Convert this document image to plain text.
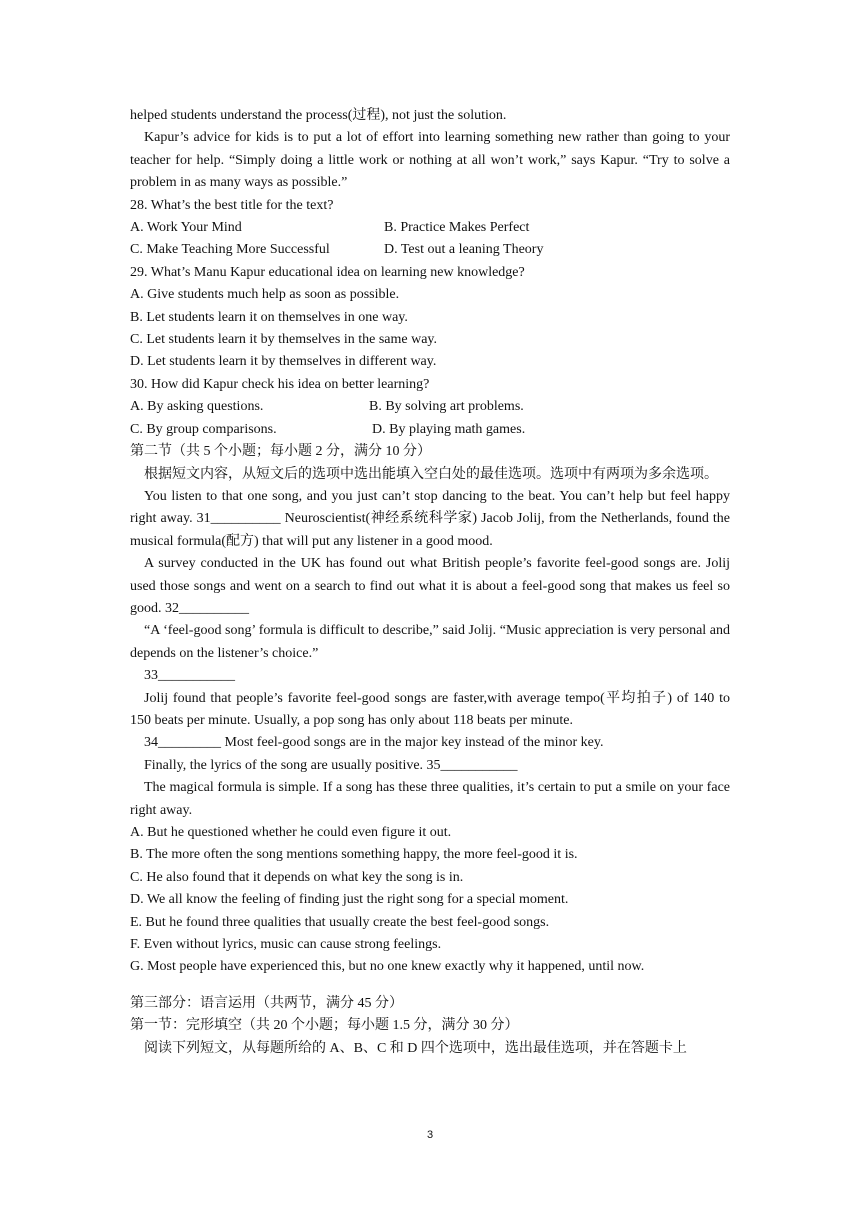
helped students understand the process(过程), not just the solution.

Kapur’s advice for kids is to put a lot of effort into learning something new rather than going to your teacher for help. “Simply doing a little work or nothing at all won’t work,” says Kapur. “Try to solve a problem in as many ways as possible.”

28. What’s the best title for the text?

A. Work Your Mind	B. Practice Makes Perfect
C. Make Teaching More Successful	D. Test out a leaning Theory

29. What’s Manu Kapur educational idea on learning new knowledge?

A. Give students much help as soon as possible.

B. Let students learn it on themselves in one way.

C. Let students learn it by themselves in the same way.

D. Let students learn it by themselves in different way.

30. How did Kapur check his idea on better learning?

A. By asking questions.	B. By solving art problems.
C. By group comparisons.	D. By playing math games.

第二节（共 5 个小题；每小题 2 分，满分 10 分）

根据短文内容，从短文后的选项中选出能填入空白处的最佳选项。选项中有两项为多余选项。

You listen to that one song, and you just can’t stop dancing to the beat. You can’t help but feel happy right away. 31__________ Neuroscientist(神经系统科学家) Jacob Jolij, from the Netherlands, found the musical formula(配方) that will put any listener in a good mood.

A survey conducted in the UK has found out what British people’s favorite feel-good songs are. Jolij used those songs and went on a search to find out what it is about a feel-good song that makes us feel so good. 32__________

“A ‘feel-good song’ formula is difficult to describe,” said Jolij. “Music appreciation is very personal and depends on the listener’s choice.”

33___________

Jolij found that people’s favorite feel-good songs are faster,with average tempo(平均拍子) of 140 to 150 beats per minute. Usually, a pop song has only about 118 beats per minute.

34_________ Most feel-good songs are in the major key instead of the minor key.

Finally, the lyrics of the song are usually positive. 35___________

The magical formula is simple. If a song has these three qualities, it’s certain to put a smile on your face right away.

A. But he questioned whether he could even figure it out.

B. The more often the song mentions something happy, the more feel-good it is.

C. He also found that it depends on what key the song is in.

D. We all know the feeling of finding just the right song for a special moment.

E. But he found three qualities that usually create the best feel-good songs.

F. Even without lyrics, music can cause strong feelings.

G. Most people have experienced this, but no one knew exactly why it happened, until now.

第三部分：语言运用（共两节，满分 45 分）

第一节：完形填空（共 20 个小题；每小题 1.5 分，满分 30 分）

阅读下列短文，从每题所给的 A、B、C 和 D 四个选项中，选出最佳选项，并在答题卡上

3
